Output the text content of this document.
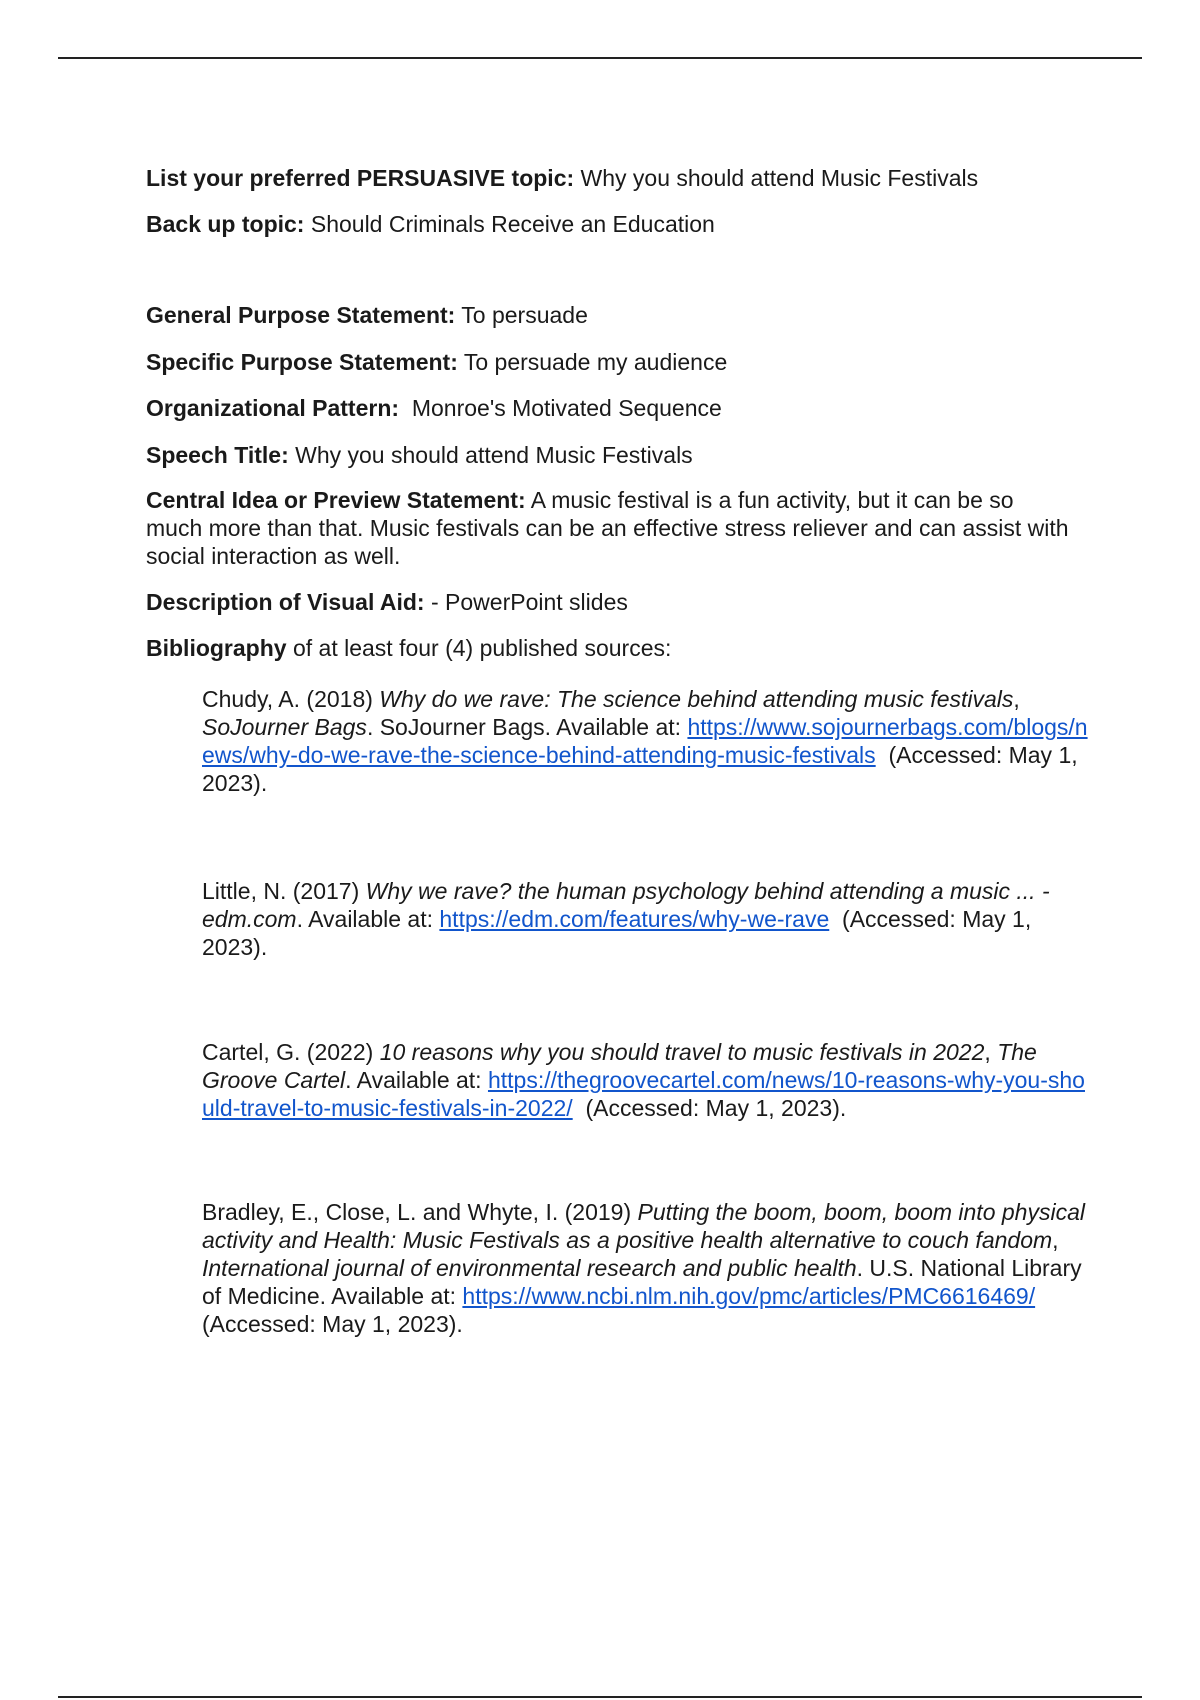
List your preferred PERSUASIVE topic: Why you should attend Music Festivals

Back up topic: Should Criminals Receive an Education

General Purpose Statement: To persuade

Specific Purpose Statement: To persuade my audience

Organizational Pattern: Monroe's Motivated Sequence

Speech Title: Why you should attend Music Festivals

Central Idea or Preview Statement: A music festival is a fun activity, but it can be so much more than that. Music festivals can be an effective stress reliever and can assist with social interaction as well.

Description of Visual Aid: - PowerPoint slides

Bibliography of at least four (4) published sources:

Chudy, A. (2018) Why do we rave: The science behind attending music festivals, SoJourner Bags. SoJourner Bags. Available at: https://www.sojournerbags.com/blogs/news/why-do-we-rave-the-science-behind-attending-music-festivals (Accessed: May 1, 2023).

Little, N. (2017) Why we rave? the human psychology behind attending a music ... - edm.com. Available at: https://edm.com/features/why-we-rave (Accessed: May 1, 2023).

Cartel, G. (2022) 10 reasons why you should travel to music festivals in 2022, The Groove Cartel. Available at: https://thegroovecartel.com/news/10-reasons-why-you-should-travel-to-music-festivals-in-2022/ (Accessed: May 1, 2023).

Bradley, E., Close, L. and Whyte, I. (2019) Putting the boom, boom, boom into physical activity and Health: Music Festivals as a positive health alternative to couch fandom, International journal of environmental research and public health. U.S. National Library of Medicine. Available at: https://www.ncbi.nlm.nih.gov/pmc/articles/PMC6616469/ (Accessed: May 1, 2023).
